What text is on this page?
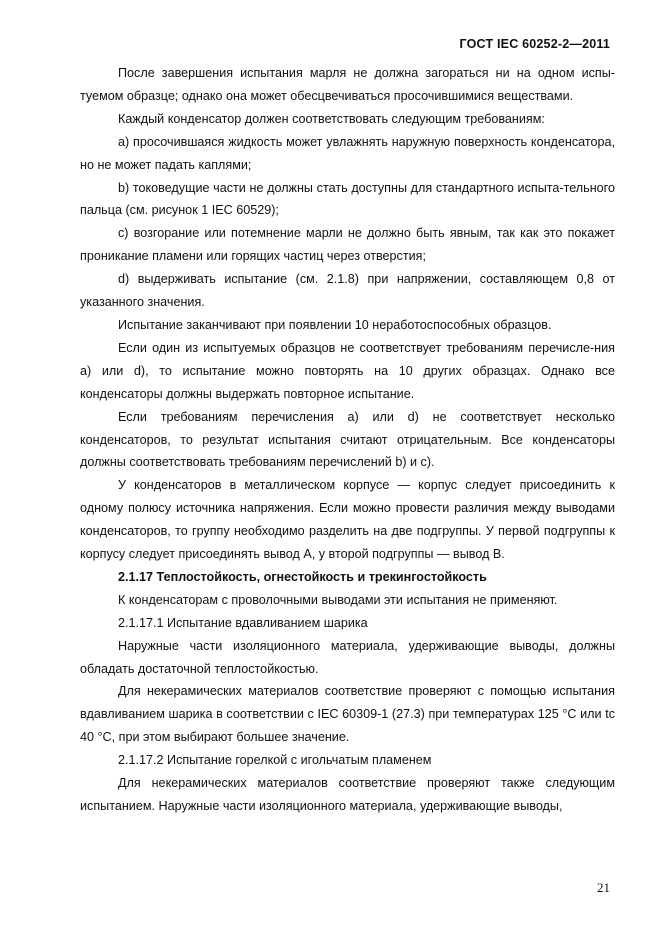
ГОСТ IEC 60252-2—2011

После завершения испытания марля не должна загораться ни на одном испы-туемом образце; однако она может обесцвечиваться просочившимися веществами.

Каждый конденсатор должен соответствовать следующим требованиям:

a) просочившаяся жидкость может увлажнять наружную поверхность конденсатора, но не может падать каплями;

b) токоведущие части не должны стать доступны для стандартного испыта-тельного пальца (см. рисунок 1 IEC 60529);

c) возгорание или потемнение марли не должно быть явным, так как это покажет проникание пламени или горящих частиц через отверстия;

d) выдерживать испытание (см. 2.1.8) при напряжении, составляющем 0,8 от указанного значения.

Испытание заканчивают при появлении 10 неработоспособных образцов.

Если один из испытуемых образцов не соответствует требованиям перечисле-ния a) или d), то испытание можно повторять на 10 других образцах. Однако все конденсаторы должны выдержать повторное испытание.

Если требованиям перечисления a) или d) не соответствует несколько конденсаторов, то результат испытания считают отрицательным. Все конденсаторы должны соответствовать требованиям перечислений b) и c).

У конденсаторов в металлическом корпусе — корпус следует присоединить к одному полюсу источника напряжения. Если можно провести различия между выводами конденсаторов, то группу необходимо разделить на две подгруппы. У первой подгруппы к корпусу следует присоединять вывод A, у второй подгруппы — вывод B.

2.1.17 Теплостойкость, огнестойкость и трекингостойкость

К конденсаторам с проволочными выводами эти испытания не применяют.

2.1.17.1 Испытание вдавливанием шарика

Наружные части изоляционного материала, удерживающие выводы, должны обладать достаточной теплостойкостью.

Для некерамических материалов соответствие проверяют с помощью испытания вдавливанием шарика в соответствии с IEC 60309-1 (27.3) при температурах 125 °C или tc 40 °C, при этом выбирают большее значение.

2.1.17.2 Испытание горелкой с игольчатым пламенем

Для некерамических материалов соответствие проверяют также следующим испытанием. Наружные части изоляционного материала, удерживающие выводы,

21
